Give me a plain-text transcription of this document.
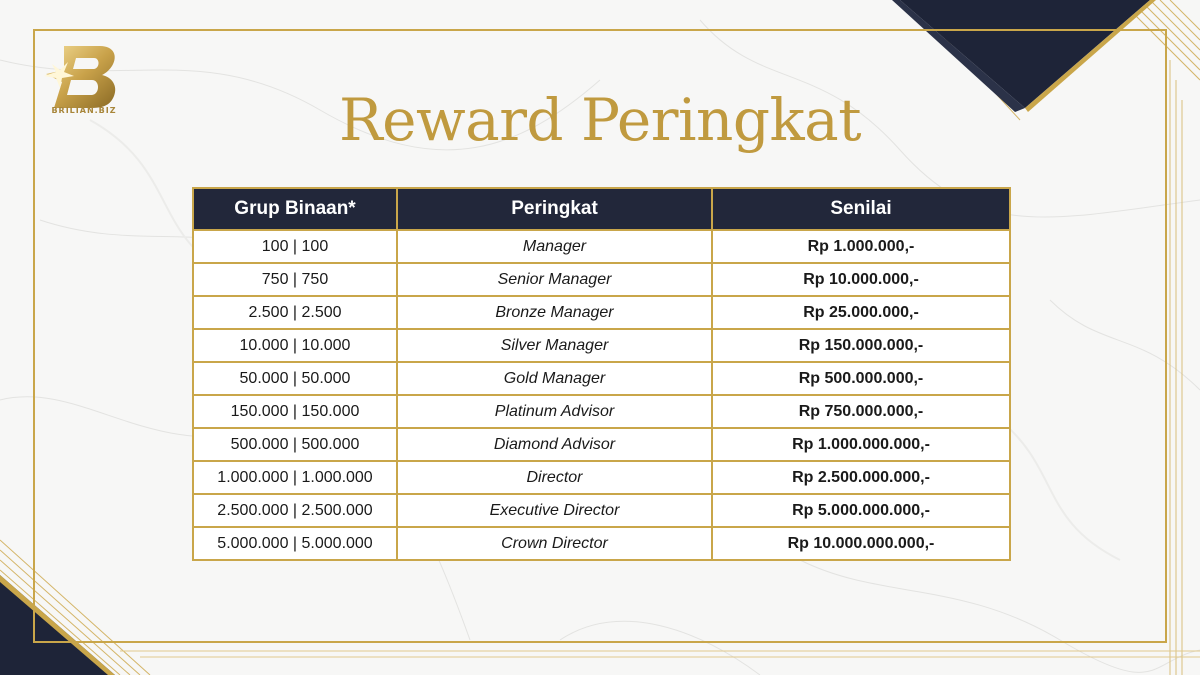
BRILIAN.BIZ	Reward Peringkat
Grup Binaan*	Peringkat	Senilai
100 | 100	Manager	Rp 1.000.000,-
750 | 750	Senior Manager	Rp 10.000.000,-
2.500 | 2.500	Bronze Manager	Rp 25.000.000,-
10.000 | 10.000	Silver Manager	Rp 150.000.000,-
50.000 | 50.000	Gold Manager	Rp 500.000.000,-
150.000 | 150.000	Platinum Advisor	Rp 750.000.000,-
500.000 | 500.000	Diamond Advisor	Rp 1.000.000.000,-
1.000.000 | 1.000.000	Director	Rp 2.500.000.000,-
2.500.000 | 2.500.000	Executive Director	Rp 5.000.000.000,-
5.000.000 | 5.000.000	Crown Director	Rp 10.000.000.000,-
